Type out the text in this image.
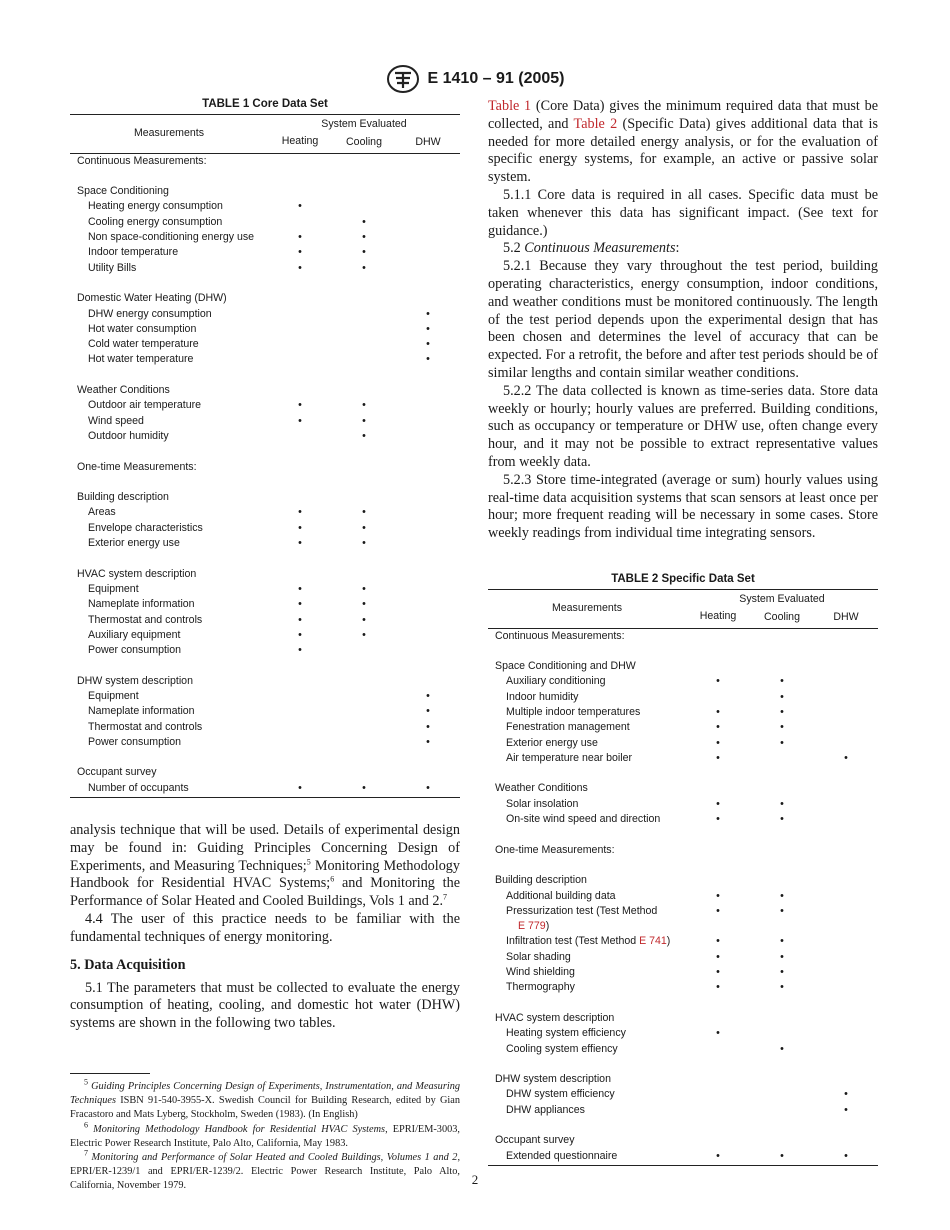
E 1410 – 91 (2005)

TABLE 1 Core Data Set

Measurements	System Evaluated		
	Heating	Cooling	DHW
Continuous Measurements:			

Space Conditioning			
Heating energy consumption	•		
Cooling energy consumption		•	
Non space-conditioning energy use	•	•	
Indoor temperature	•	•	
Utility Bills	•	•	

Domestic Water Heating (DHW)			
DHW energy consumption			•
Hot water consumption			•
Cold water temperature			•
Hot water temperature			•

Weather Conditions			
Outdoor air temperature	•	•	
Wind speed	•	•	
Outdoor humidity		•	

One-time Measurements:			

Building description			
Areas	•	•	
Envelope characteristics	•	•	
Exterior energy use	•	•	

HVAC system description			
Equipment	•	•	
Nameplate information	•	•	
Thermostat and controls	•	•	
Auxiliary equipment	•	•	
Power consumption	•		

DHW system description			
Equipment			•
Nameplate information			•
Thermostat and controls			•
Power consumption			•

Occupant survey			
Number of occupants	•	•	•

analysis technique that will be used. Details of experimental design may be found in: Guiding Principles Concerning Design of Experiments, and Measuring Techniques;$^5$ Monitoring Methodology Handbook for Residential HVAC Systems;$^6$ and Monitoring the Performance of Solar Heated and Cooled Buildings, Vols 1 and 2.$^7$

4.4 The user of this practice needs to be familiar with the fundamental techniques of energy monitoring.

5. Data Acquisition

5.1 The parameters that must be collected to evaluate the energy consumption of heating, cooling, and domestic hot water (DHW) systems are shown in the following two tables.

$^5$ Guiding Principles Concerning Design of Experiments, Instrumentation, and Measuring Techniques ISBN 91-540-3955-X. Swedish Council for Building Research, edited by Gian Fracastoro and Mats Lyberg, Stockholm, Sweden (1983). (In English)

$^6$ Monitoring Methodology Handbook for Residential HVAC Systems, EPRI/EM-3003, Electric Power Research Institute, Palo Alto, California, May 1983.

$^7$ Monitoring and Performance of Solar Heated and Cooled Buildings, Volumes 1 and 2, EPRI/ER-1239/1 and EPRI/ER-1239/2. Electric Power Research Institute, Palo Alto, California, November 1979.

Table 1 (Core Data) gives the minimum required data that must be collected, and Table 2 (Specific Data) gives additional data that is needed for more detailed energy analysis, or for the evaluation of specific energy systems, for example, an active or passive solar system.

5.1.1 Core data is required in all cases. Specific data must be taken whenever this data has significant impact. (See text for guidance.)

5.2 Continuous Measurements:

5.2.1 Because they vary throughout the test period, building operating characteristics, energy consumption, indoor conditions, and weather conditions must be monitored continuously. The length of the test period depends upon the experimental design that has been chosen and determines the level of accuracy that can be expected. For a retrofit, the before and after test periods should be of similar lengths and contain similar weather conditions.

5.2.2 The data collected is known as time-series data. Store data weekly or hourly; hourly values are preferred. Building conditions, such as occupancy or temperature or DHW use, often change every hour, and it may not be possible to extract representative values from weekly data.

5.2.3 Store time-integrated (average or sum) hourly values using real-time data acquisition systems that scan sensors at least once per hour; more frequent reading will be necessary in some cases. Store weekly readings from individual time integrating sensors.

TABLE 2 Specific Data Set

Measurements	System Evaluated		
	Heating	Cooling	DHW
Continuous Measurements:			

Space Conditioning and DHW			
Auxiliary conditioning	•	•	
Indoor humidity		•	
Multiple indoor temperatures	•	•	
Fenestration management	•	•	
Exterior energy use	•	•	
Air temperature near boiler	•		•

Weather Conditions			
Solar insolation	•	•	
On-site wind speed and direction	•	•	

One-time Measurements:			

Building description			
Additional building data	•	•	
Pressurization test (Test Method	•	•	
E 779)			
Infiltration test (Test Method E 741)	•	•	
Solar shading	•	•	
Wind shielding	•	•	
Thermography	•	•	

HVAC system description			
Heating system efficiency	•		
Cooling system effiency		•	

DHW system description			
DHW system efficiency			•
DHW appliances			•

Occupant survey			
Extended questionnaire	•	•	•
2
